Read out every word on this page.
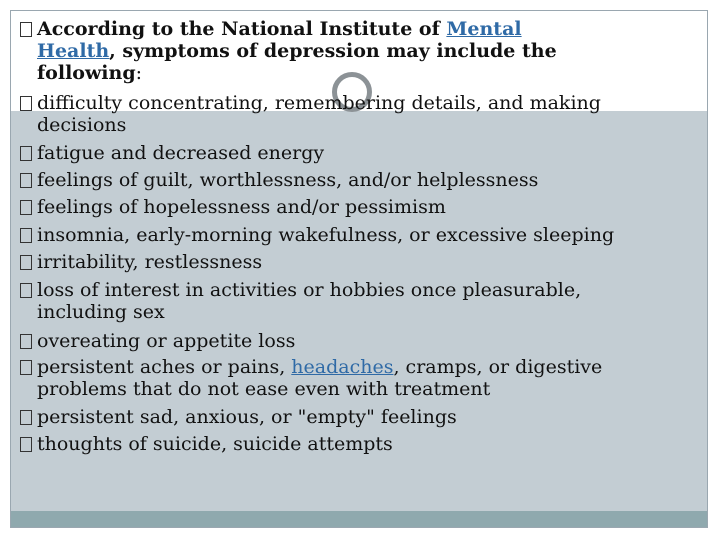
According to the National Institute of Mental
Health, symptoms of depression may include the
following:
difficulty concentrating, remembering details, and making
decisions
fatigue and decreased energy
feelings of guilt, worthlessness, and/or helplessness
feelings of hopelessness and/or pessimism
insomnia, early-morning wakefulness, or excessive sleeping
irritability, restlessness
loss of interest in activities or hobbies once pleasurable,
including sex
overeating or appetite loss
persistent aches or pains, headaches, cramps, or digestive
problems that do not ease even with treatment
persistent sad, anxious, or "empty" feelings
thoughts of suicide, suicide attempts
